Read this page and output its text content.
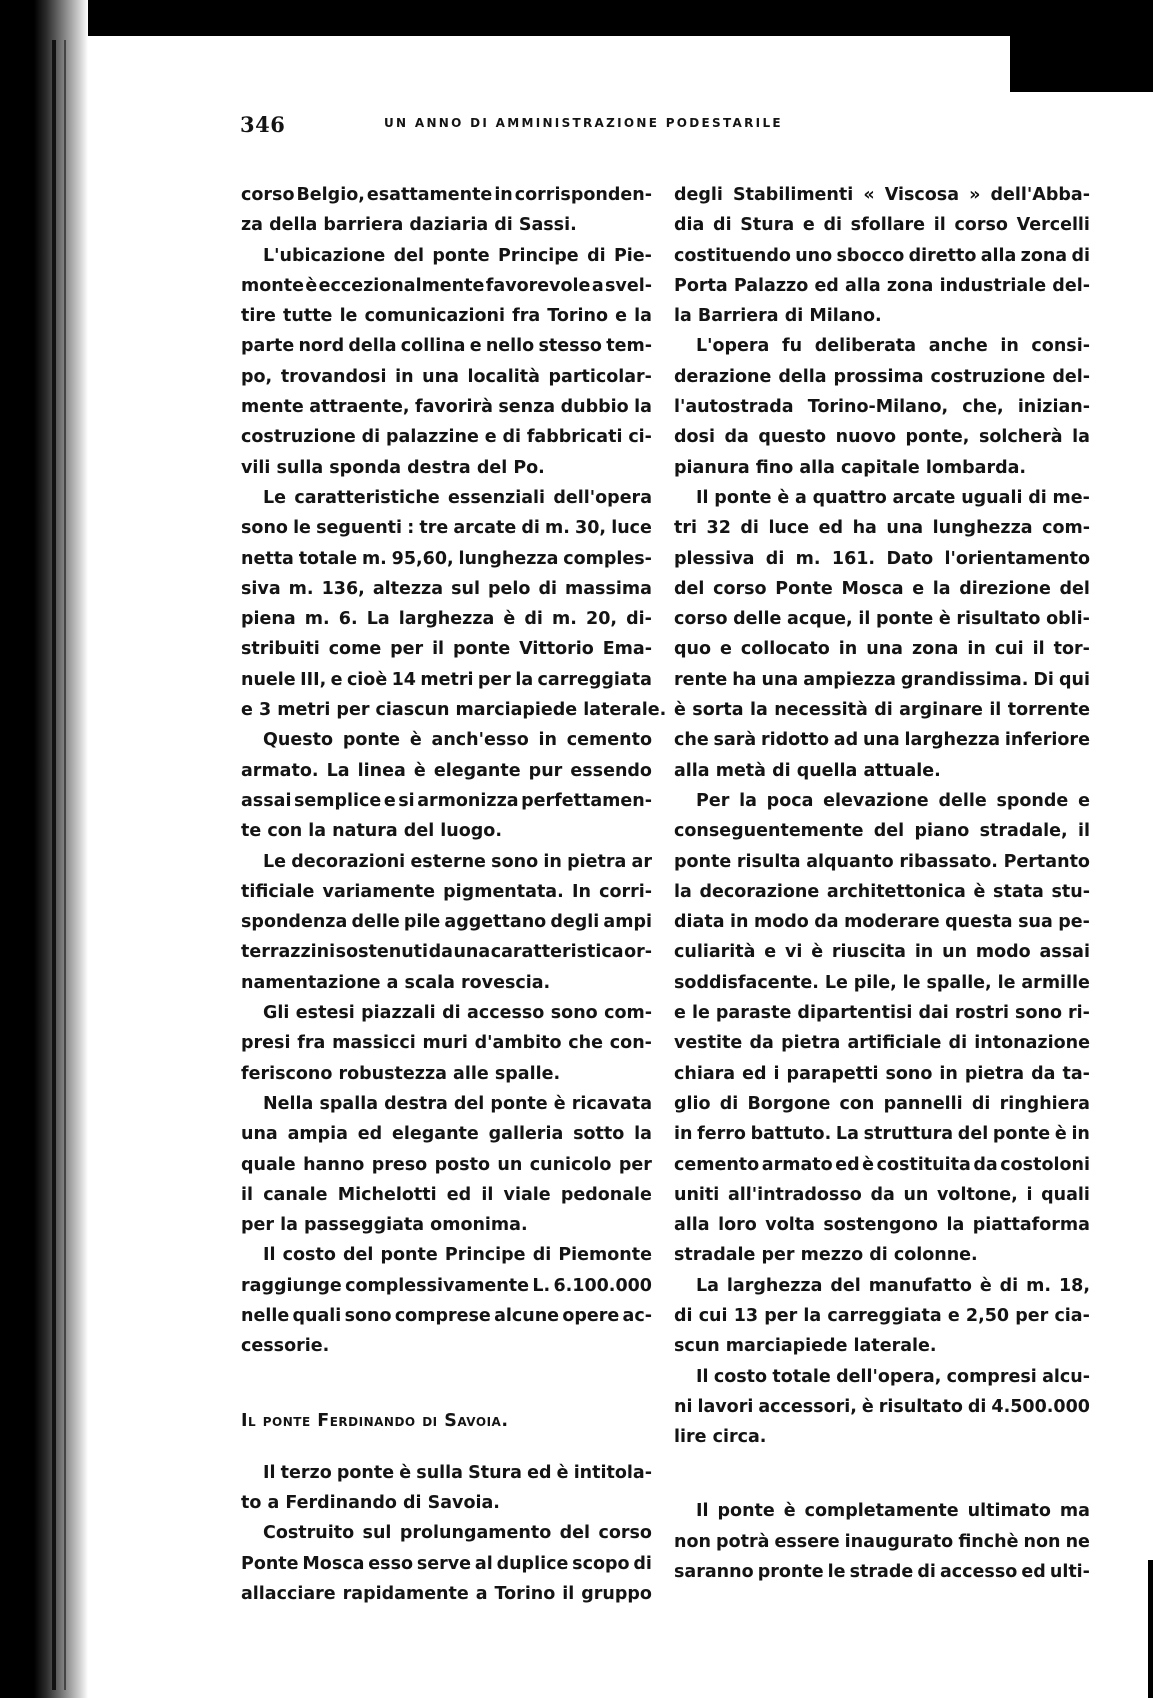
346	UN ANNO DI AMMINISTRAZIONE PODESTARILE
corso Belgio, esattamente in corrisponden-
za della barriera daziaria di Sassi.
L'ubicazione del ponte Principe di Pie-
monte è eccezionalmente favorevole a svel-
tire tutte le comunicazioni fra Torino e la
parte nord della collina e nello stesso tem-
po, trovandosi in una località particolar-
mente attraente, favorirà senza dubbio la
costruzione di palazzine e di fabbricati ci-
vili sulla sponda destra del Po.
Le caratteristiche essenziali dell'opera
sono le seguenti : tre arcate di m. 30, luce
netta totale m. 95,60, lunghezza comples-
siva m. 136, altezza sul pelo di massima
piena m. 6. La larghezza è di m. 20, di-
stribuiti come per il ponte Vittorio Ema-
nuele III, e cioè 14 metri per la carreggiata
e 3 metri per ciascun marciapiede laterale.
Questo ponte è anch'esso in cemento
armato. La linea è elegante pur essendo
assai semplice e si armonizza perfettamen-
te con la natura del luogo.
Le decorazioni esterne sono in pietra ar
tificiale variamente pigmentata. In corri-
spondenza delle pile aggettano degli ampi
terrazzini sostenuti da una caratteristica or-
namentazione a scala rovescia.
Gli estesi piazzali di accesso sono com-
presi fra massicci muri d'ambito che con-
feriscono robustezza alle spalle.
Nella spalla destra del ponte è ricavata
una ampia ed elegante galleria sotto la
quale hanno preso posto un cunicolo per
il canale Michelotti ed il viale pedonale
per la passeggiata omonima.
Il costo del ponte Principe di Piemonte
raggiunge complessivamente L. 6.100.000
nelle quali sono comprese alcune opere ac-
cessorie.
Il ponte Ferdinando di Savoia.
Il terzo ponte è sulla Stura ed è intitola-
to a Ferdinando di Savoia.
Costruito sul prolungamento del corso
Ponte Mosca esso serve al duplice scopo di
allacciare rapidamente a Torino il gruppo
degli Stabilimenti « Viscosa » dell'Abba-
dia di Stura e di sfollare il corso Vercelli
costituendo uno sbocco diretto alla zona di
Porta Palazzo ed alla zona industriale del-
la Barriera di Milano.
L'opera fu deliberata anche in consi-
derazione della prossima costruzione del-
l'autostrada Torino-Milano, che, inizian-
dosi da questo nuovo ponte, solcherà la
pianura fino alla capitale lombarda.
Il ponte è a quattro arcate uguali di me-
tri 32 di luce ed ha una lunghezza com-
plessiva di m. 161. Dato l'orientamento
del corso Ponte Mosca e la direzione del
corso delle acque, il ponte è risultato obli-
quo e collocato in una zona in cui il tor-
rente ha una ampiezza grandissima. Di qui
è sorta la necessità di arginare il torrente
che sarà ridotto ad una larghezza inferiore
alla metà di quella attuale.
Per la poca elevazione delle sponde e
conseguentemente del piano stradale, il
ponte risulta alquanto ribassato. Pertanto
la decorazione architettonica è stata stu-
diata in modo da moderare questa sua pe-
culiarità e vi è riuscita in un modo assai
soddisfacente. Le pile, le spalle, le armille
e le paraste dipartentisi dai rostri sono ri-
vestite da pietra artificiale di intonazione
chiara ed i parapetti sono in pietra da ta-
glio di Borgone con pannelli di ringhiera
in ferro battuto. La struttura del ponte è in
cemento armato ed è costituita da costoloni
uniti all'intradosso da un voltone, i quali
alla loro volta sostengono la piattaforma
stradale per mezzo di colonne.
La larghezza del manufatto è di m. 18,
di cui 13 per la carreggiata e 2,50 per cia-
scun marciapiede laterale.
Il costo totale dell'opera, compresi alcu-
ni lavori accessori, è risultato di 4.500.000
lire circa.
Il ponte è completamente ultimato ma
non potrà essere inaugurato finchè non ne
saranno pronte le strade di accesso ed ulti-
